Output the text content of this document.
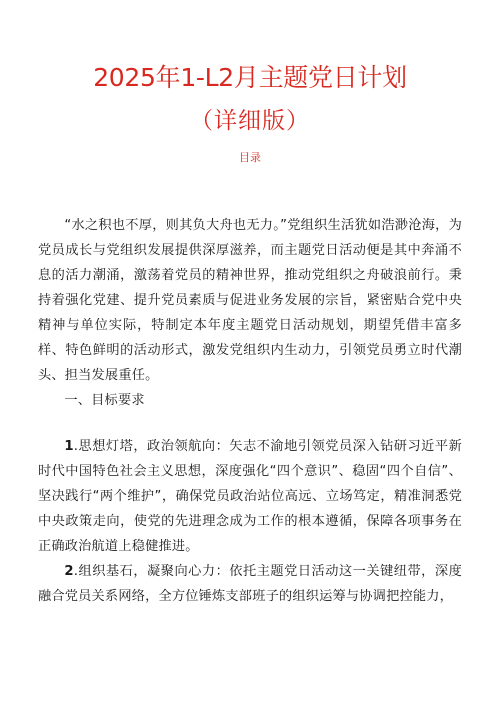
2025年1-L2月主题党日计划
（详细版）
目录

“水之积也不厚，则其负大舟也无力。”党组织生活犹如浩渺沧海，为党员成长与党组织发展提供深厚滋养，而主题党日活动便是其中奔涌不息的活力潮涌，激荡着党员的精神世界，推动党组织之舟破浪前行。秉持着强化党建、提升党员素质与促进业务发展的宗旨，紧密贴合党中央精神与单位实际，特制定本年度主题党日活动规划，期望凭借丰富多样、特色鲜明的活动形式，激发党组织内生动力，引领党员勇立时代潮头、担当发展重任。

一、目标要求

1.思想灯塔，政治领航向：矢志不渝地引领党员深入钻研习近平新时代中国特色社会主义思想，深度强化“四个意识”、稳固“四个自信”、坚决践行“两个维护”，确保党员政治站位高远、立场笃定，精准洞悉党中央政策走向，使党的先进理念成为工作的根本遵循，保障各项事务在正确政治航道上稳健推进。

2.组织基石，凝聚向心力：依托主题党日活动这一关键纽带，深度融合党员关系网络，全方位锤炼支部班子的组织运筹与协调把控能力，
